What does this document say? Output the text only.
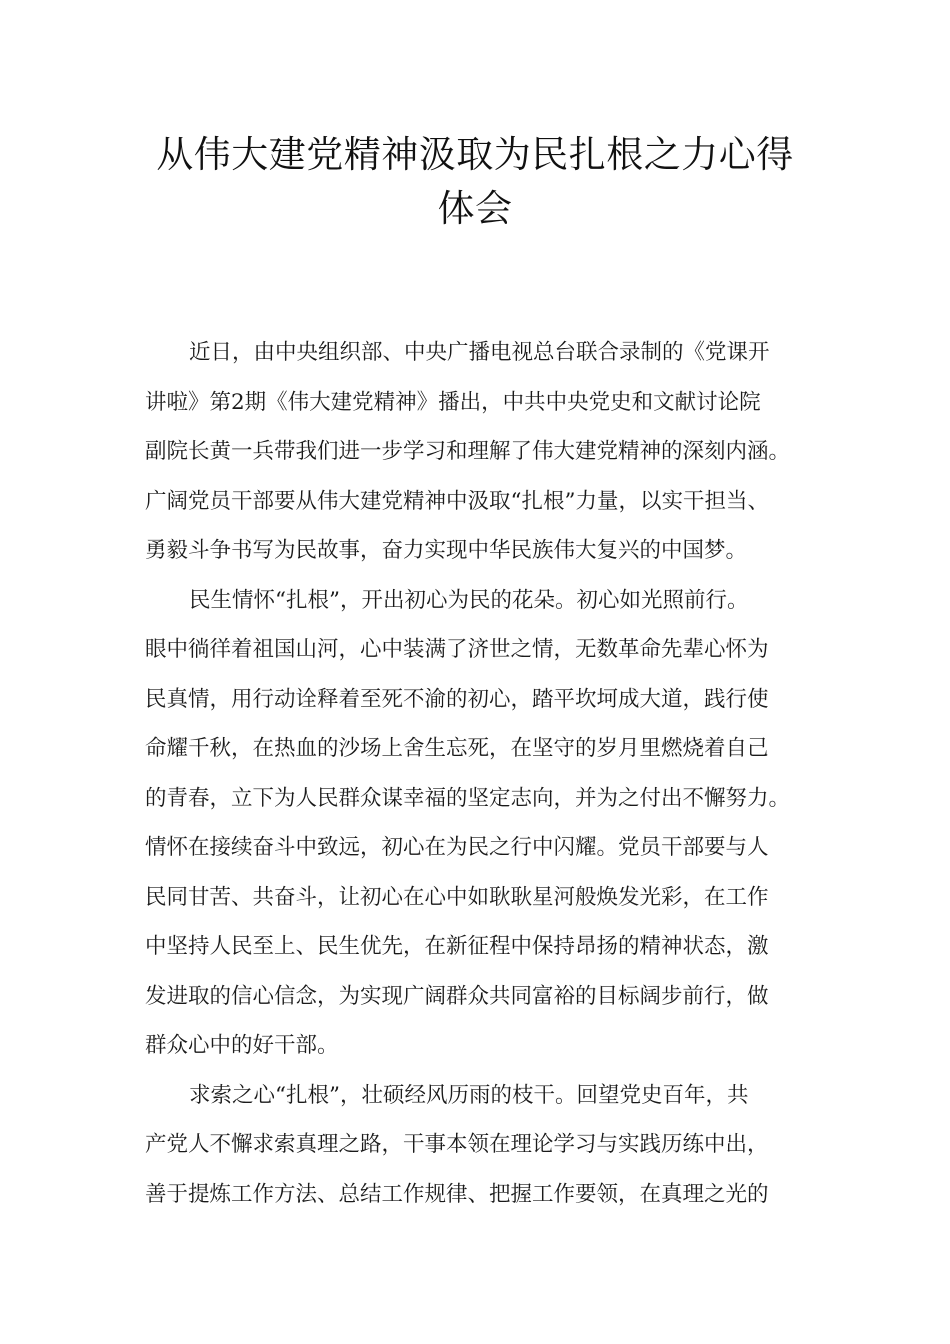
从伟大建党精神汲取为民扎根之力心得
体会
近日，由中央组织部、中央广播电视总台联合录制的《党课开
讲啦》第2期《伟大建党精神》播出，中共中央党史和文献讨论院
副院长黄一兵带我们进一步学习和理解了伟大建党精神的深刻内涵。
广阔党员干部要从伟大建党精神中汲取“扎根”力量，以实干担当、
勇毅斗争书写为民故事，奋力实现中华民族伟大复兴的中国梦。
民生情怀“扎根”，开出初心为民的花朵。初心如光照前行。
眼中徜徉着祖国山河，心中装满了济世之情，无数革命先辈心怀为
民真情，用行动诠释着至死不渝的初心，踏平坎坷成大道，践行使
命耀千秋，在热血的沙场上舍生忘死，在坚守的岁月里燃烧着自己
的青春，立下为人民群众谋幸福的坚定志向，并为之付出不懈努力。
情怀在接续奋斗中致远，初心在为民之行中闪耀。党员干部要与人
民同甘苦、共奋斗，让初心在心中如耿耿星河般焕发光彩，在工作
中坚持人民至上、民生优先，在新征程中保持昂扬的精神状态，激
发进取的信心信念，为实现广阔群众共同富裕的目标阔步前行，做
群众心中的好干部。
求索之心“扎根”，壮硕经风历雨的枝干。回望党史百年，共
产党人不懈求索真理之路，干事本领在理论学习与实践历练中出，
善于提炼工作方法、总结工作规律、把握工作要领，在真理之光的
